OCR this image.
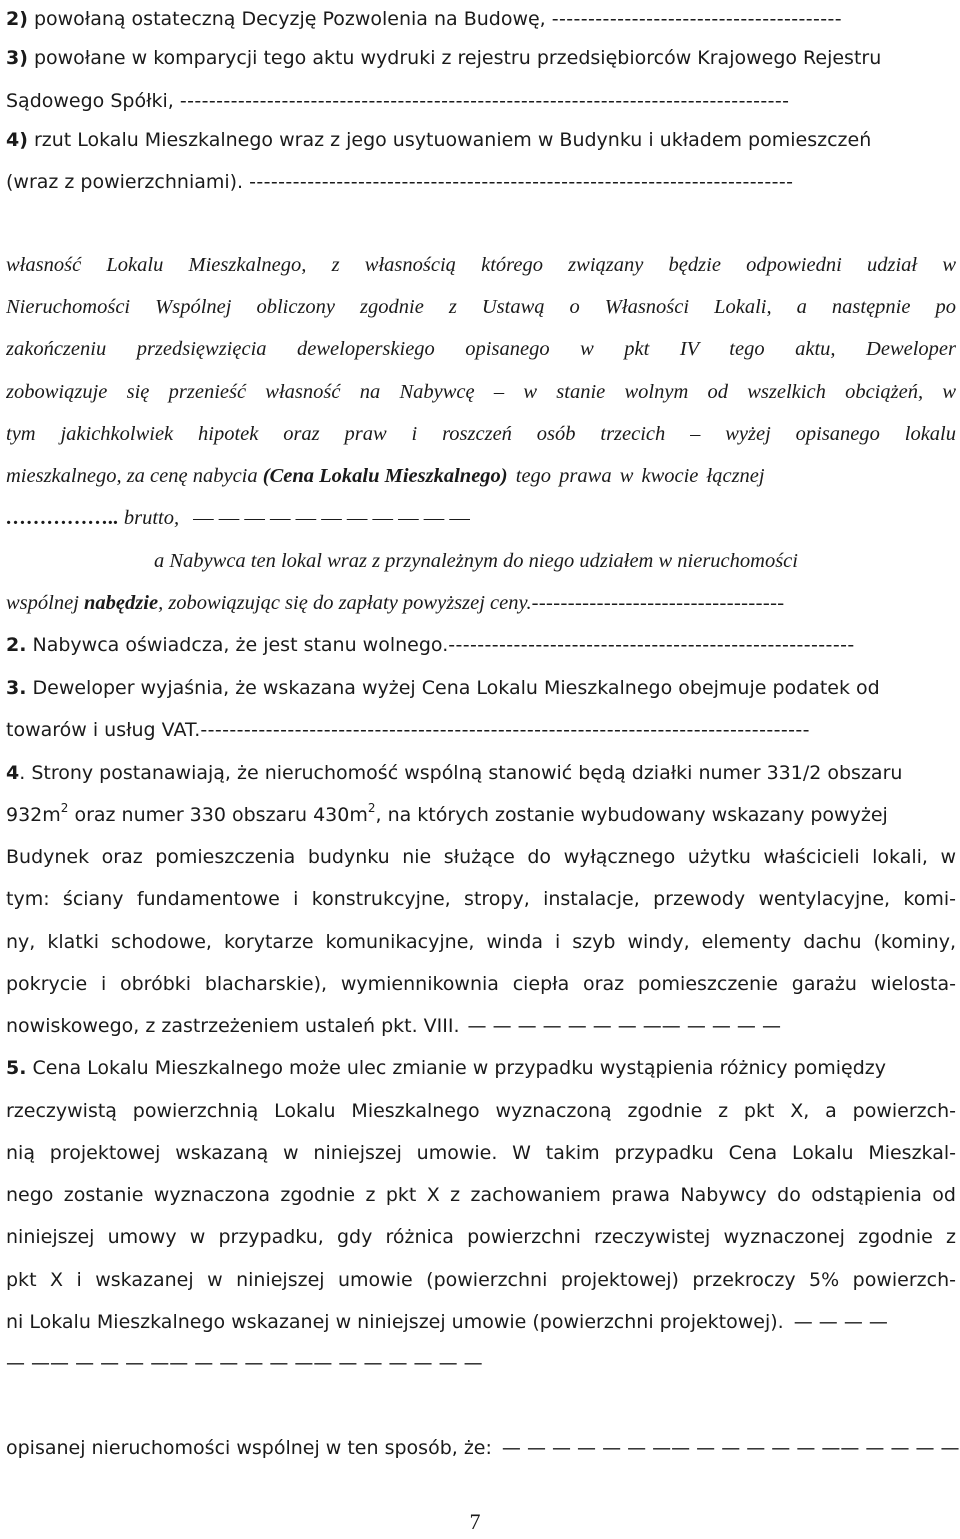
2) powołaną ostateczną Decyzję Pozwolenia na Budowę, ----------------------------------------
3) powołane w komparycji tego aktu wydruki z rejestru przedsiębiorców Krajowego Rejestru
Sądowego Spółki, ------------------------------------------------------------------------------------
4) rzut Lokalu Mieszkalnego wraz z jego usytuowaniem w Budynku i układem pomieszczeń
(wraz z powierzchniami). ---------------------------------------------------------------------------

własność Lokalu Mieszkalnego, z własnością którego związany będzie odpowiedni udział w
Nieruchomości Wspólnej obliczony zgodnie z Ustawą o Własności Lokali, a następnie po
zakończeniu przedsięwzięcia deweloperskiego opisanego w pkt IV tego aktu, Deweloper
zobowiązuje się przenieść własność na Nabywcę – w stanie wolnym od wszelkich obciążeń, w
tym jakichkolwiek hipotek oraz praw i roszczeń osób trzecich – wyżej opisanego lokalu
mieszkalnego, za cenę nabycia (Cena Lokalu Mieszkalnego) tego prawa w kwocie łącznej
…………….. brutto, — — — — — — — — — — —
a Nabywca ten lokal wraz z przynależnym do niego udziałem w nieruchomości
wspólnej nabędzie, zobowiązując się do zapłaty powyższej ceny.-----------------------------------
2. Nabywca oświadcza, że jest stanu wolnego.--------------------------------------------------------
3. Deweloper wyjaśnia, że wskazana wyżej Cena Lokalu Mieszkalnego obejmuje podatek od
towarów i usług VAT.------------------------------------------------------------------------------------
4. Strony postanawiają, że nieruchomość wspólną stanowić będą działki numer 331/2 obszaru
$932m^2$ oraz numer 330 obszaru $430m^2$, na których zostanie wybudowany wskazany powyżej
Budynek oraz pomieszczenia budynku nie służące do wyłącznego użytku właścicieli lokali, w
tym: ściany fundamentowe i konstrukcyjne, stropy, instalacje, przewody wentylacyjne, komi-
ny, klatki schodowe, korytarze komunikacyjne, winda i szyb windy, elementy dachu (kominy,
pokrycie i obróbki blacharskie), wymiennikownia ciepła oraz pomieszczenie garażu wielosta-
nowiskowego, z zastrzeżeniem ustaleń pkt. VIII. — — — — — — — —— — — — —
5. Cena Lokalu Mieszkalnego może ulec zmianie w przypadku wystąpienia różnicy pomiędzy
rzeczywistą powierzchnią Lokalu Mieszkalnego wyznaczoną zgodnie z pkt X, a powierzch-
nią projektowej wskazaną w niniejszej umowie. W takim przypadku Cena Lokalu Mieszkal-
nego zostanie wyznaczona zgodnie z pkt X z zachowaniem prawa Nabywcy do odstąpienia od
niniejszej umowy w przypadku, gdy różnica powierzchni rzeczywistej wyznaczonej zgodnie z
pkt X i wskazanej w niniejszej umowie (powierzchni projektowej) przekroczy 5% powierzch-
ni Lokalu Mieszkalnego wskazanej w niniejszej umowie (powierzchni projektowej). — — — —
— —— — — — —— — — — — —— — — — — — —

opisanej nieruchomości wspólnej w ten sposób, że: — — — — — — —— — — — — — —— — — — —
7
